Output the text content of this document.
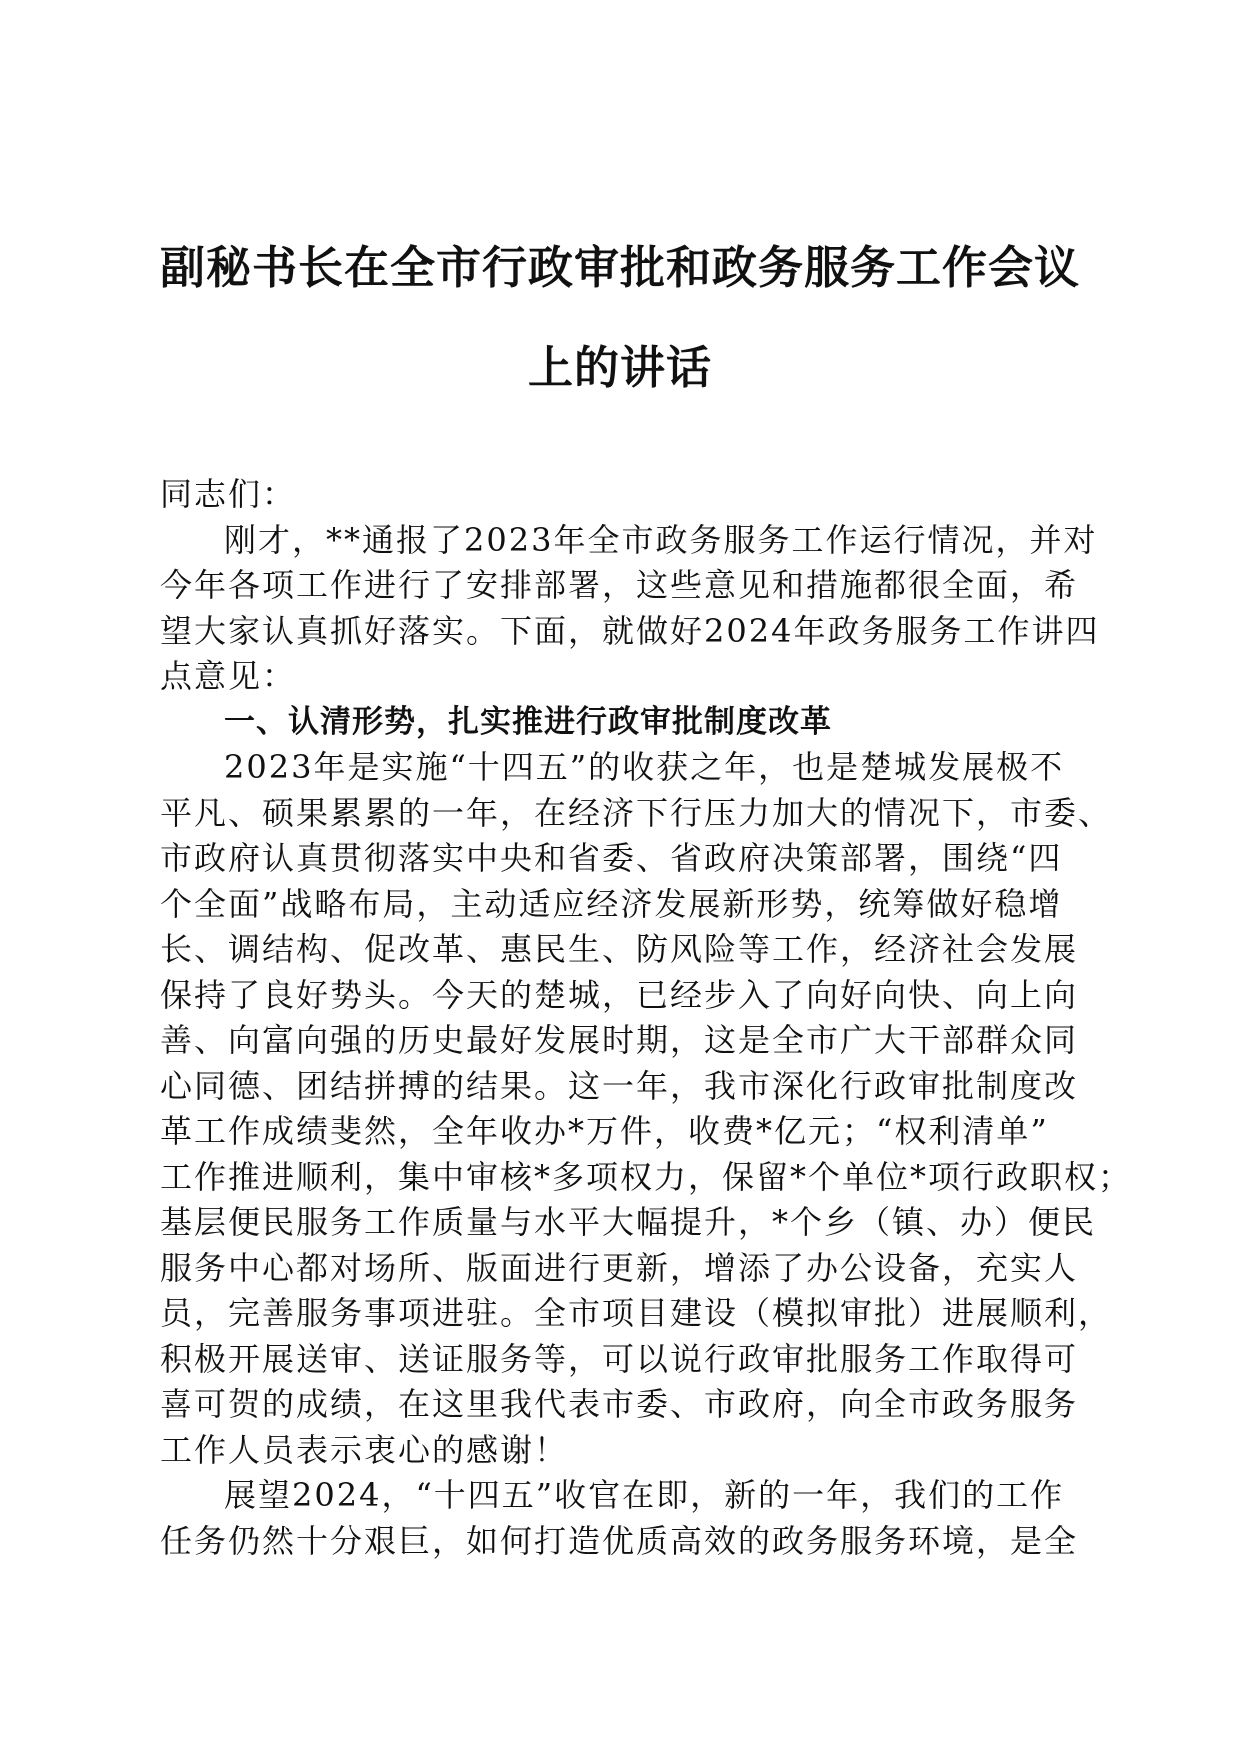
副秘书长在全市行政审批和政务服务工作会议
上的讲话

同志们：

刚才，**通报了2023年全市政务服务工作运行情况，并对

今年各项工作进行了安排部署，这些意见和措施都很全面，希

望大家认真抓好落实。下面，就做好2024年政务服务工作讲四

点意见：

一、认清形势，扎实推进行政审批制度改革

2023年是实施“十四五”的收获之年，也是楚城发展极不

平凡、硕果累累的一年，在经济下行压力加大的情况下，市委、

市政府认真贯彻落实中央和省委、省政府决策部署，围绕“四

个全面”战略布局，主动适应经济发展新形势，统筹做好稳增

长、调结构、促改革、惠民生、防风险等工作，经济社会发展

保持了良好势头。今天的楚城，已经步入了向好向快、向上向

善、向富向强的历史最好发展时期，这是全市广大干部群众同

心同德、团结拼搏的结果。这一年，我市深化行政审批制度改

革工作成绩斐然，全年收办*万件，收费*亿元；“权利清单”

工作推进顺利，集中审核*多项权力，保留*个单位*项行政职权；

基层便民服务工作质量与水平大幅提升，*个乡（镇、办）便民

服务中心都对场所、版面进行更新，增添了办公设备，充实人

员，完善服务事项进驻。全市项目建设（模拟审批）进展顺利，

积极开展送审、送证服务等，可以说行政审批服务工作取得可

喜可贺的成绩，在这里我代表市委、市政府，向全市政务服务

工作人员表示衷心的感谢！

展望2024，“十四五”收官在即，新的一年，我们的工作

任务仍然十分艰巨，如何打造优质高效的政务服务环境，是全
